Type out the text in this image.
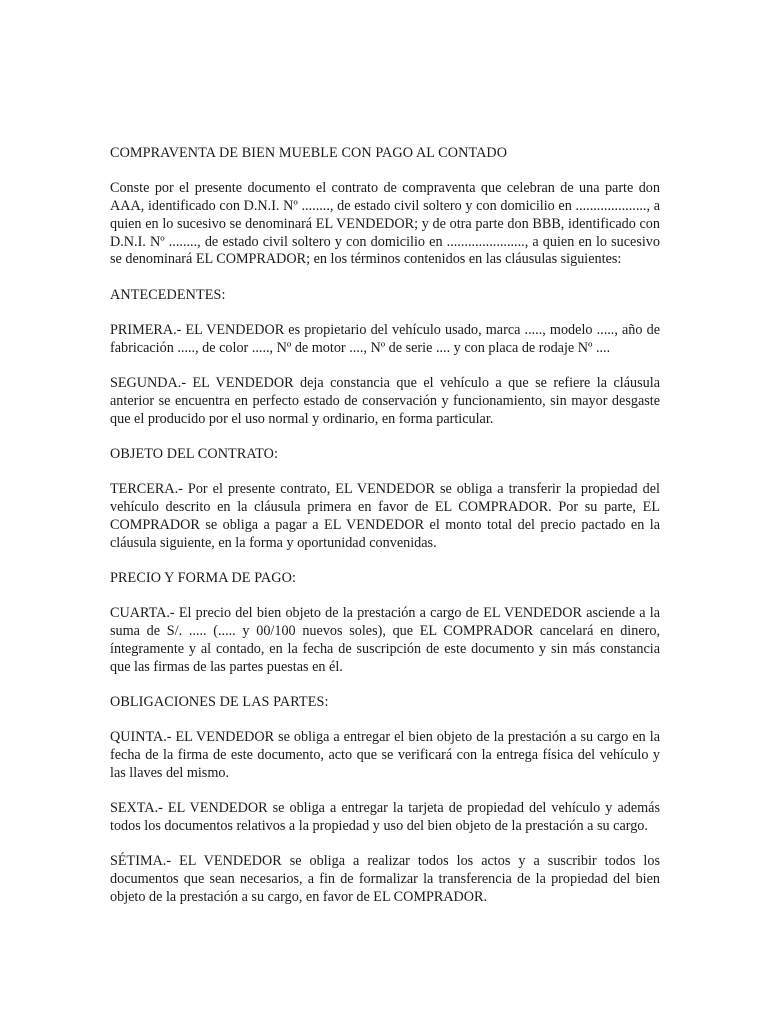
COMPRAVENTA DE BIEN MUEBLE CON PAGO AL CONTADO

Conste por el presente documento el contrato de compraventa que celebran de una parte don AAA, identificado con D.N.I. Nº ........, de estado civil soltero y con domicilio en ...................., a quien en lo sucesivo se denominará EL VENDEDOR; y de otra parte don BBB, identificado con D.N.I. Nº ........, de estado civil soltero y con domicilio en ......................, a quien en lo sucesivo se denominará EL COMPRADOR; en los términos contenidos en las cláusulas siguientes:

ANTECEDENTES:

PRIMERA.- EL VENDEDOR es propietario del vehículo usado, marca ....., modelo ....., año de fabricación ....., de color ....., Nº de motor ...., Nº de serie .... y con placa de rodaje Nº ....

SEGUNDA.- EL VENDEDOR deja constancia que el vehículo a que se refiere la cláusula anterior se encuentra en perfecto estado de conservación y funcionamiento, sin mayor desgaste que el producido por el uso normal y ordinario, en forma particular.

OBJETO DEL CONTRATO:

TERCERA.- Por el presente contrato, EL VENDEDOR se obliga a transferir la propiedad del vehículo descrito en la cláusula primera en favor de EL COMPRADOR. Por su parte, EL COMPRADOR se obliga a pagar a EL VENDEDOR el monto total del precio pactado en la cláusula siguiente, en la forma y oportunidad convenidas.

PRECIO Y FORMA DE PAGO:

CUARTA.- El precio del bien objeto de la prestación a cargo de EL VENDEDOR asciende a la suma de S/. ..... (..... y 00/100 nuevos soles), que EL COMPRADOR cancelará en dinero, íntegramente y al contado, en la fecha de suscripción de este documento y sin más constancia que las firmas de las partes puestas en él.

OBLIGACIONES DE LAS PARTES:

QUINTA.- EL VENDEDOR se obliga a entregar el bien objeto de la prestación a su cargo en la fecha de la firma de este documento, acto que se verificará con la entrega física del vehículo y las llaves del mismo.

SEXTA.- EL VENDEDOR se obliga a entregar la tarjeta de propiedad del vehículo y además todos los documentos relativos a la propiedad y uso del bien objeto de la prestación a su cargo.

SÉTIMA.- EL VENDEDOR se obliga a realizar todos los actos y a suscribir todos los documentos que sean necesarios, a fin de formalizar la transferencia de la propiedad del bien objeto de la prestación a su cargo, en favor de EL COMPRADOR.
